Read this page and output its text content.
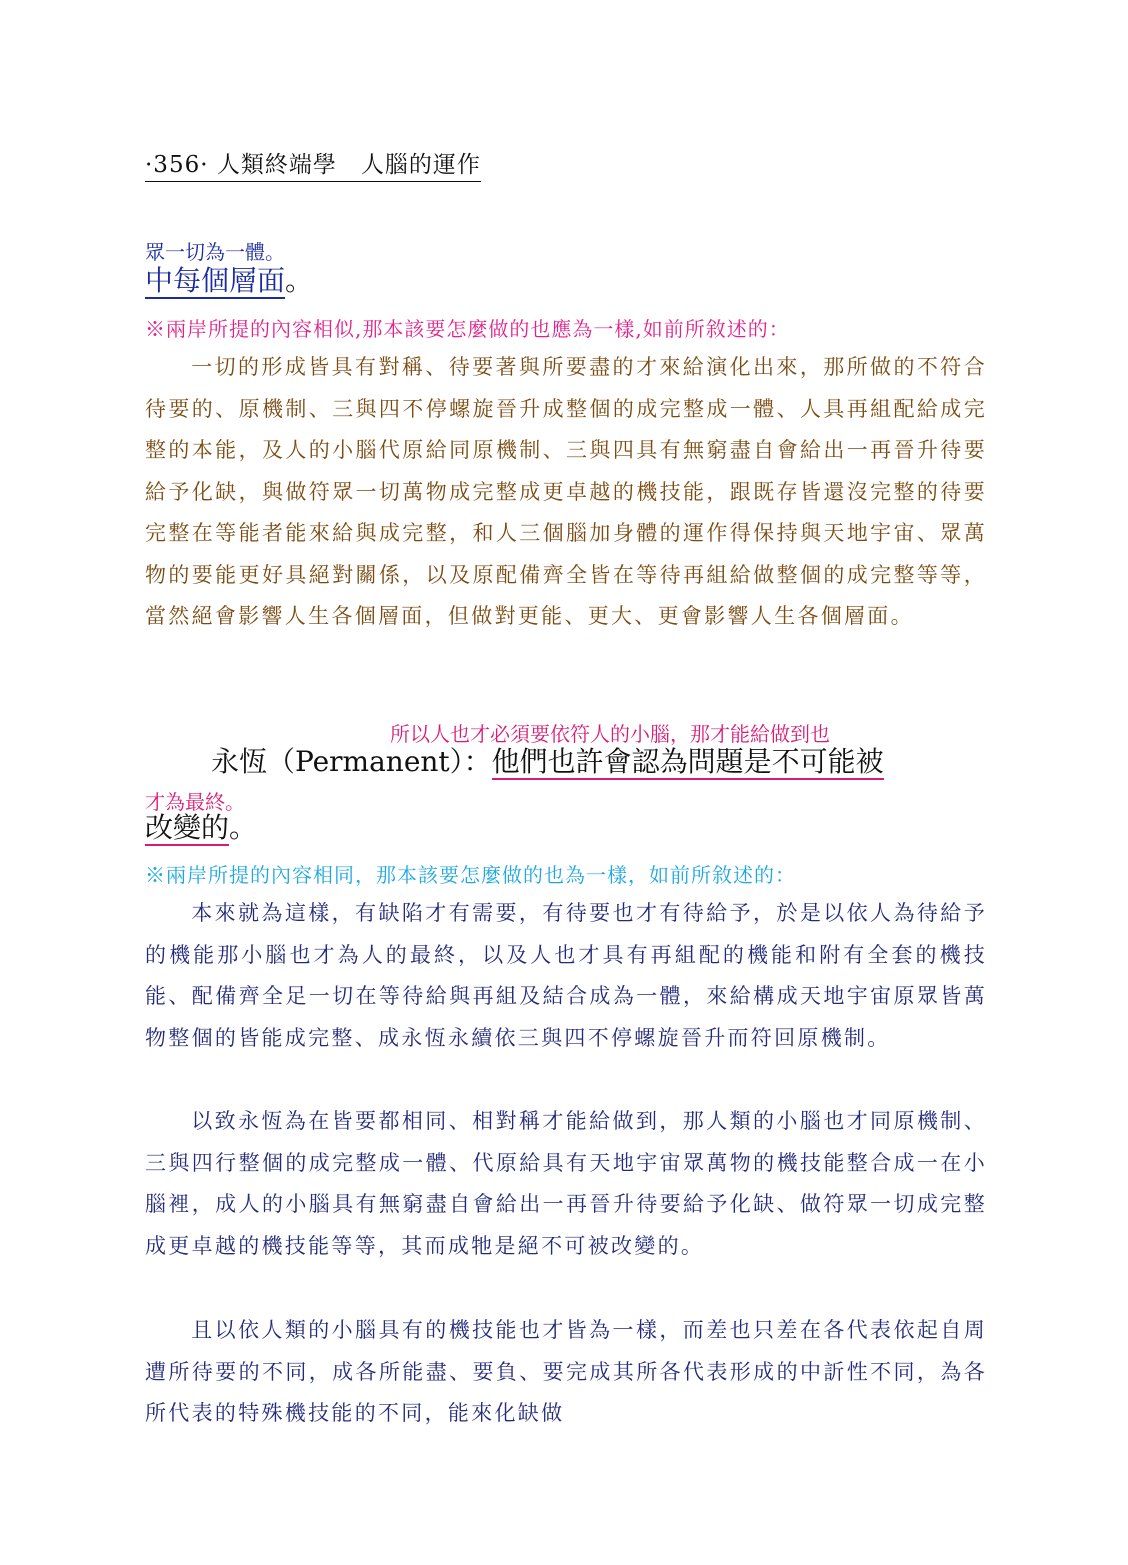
·356· 人類終端學　人腦的運作
眾一切為一體。
中每個層面。
※兩岸所提的內容相似,那本該要怎麼做的也應為一樣,如前所敘述的：

一切的形成皆具有對稱、待要著與所要盡的才來給演化出來，那所做的不符合待要的、原機制、三與四不停螺旋晉升成整個的成完整成一體、人具再組配給成完整的本能，及人的小腦代原給同原機制、三與四具有無窮盡自會給出一再晉升待要給予化缺，與做符眾一切萬物成完整成更卓越的機技能，跟既存皆還沒完整的待要完整在等能者能來給與成完整，和人三個腦加身體的運作得保持與天地宇宙、眾萬物的要能更好具絕對關係，以及原配備齊全皆在等待再組給做整個的成完整等等，當然絕會影響人生各個層面，但做對更能、更大、更會影響人生各個層面。

所以人也才必須要依符人的小腦，那才能給做到也
永恆（Permanent）：他們也許會認為問題是不可能被
才為最終。
改變的。
※兩岸所提的內容相同，那本該要怎麼做的也為一樣，如前所敘述的：

本來就為這樣，有缺陷才有需要，有待要也才有待給予，於是以依人為待給予的機能那小腦也才為人的最終，以及人也才具有再組配的機能和附有全套的機技能、配備齊全足一切在等待給與再組及結合成為一體，來給構成天地宇宙原眾皆萬物整個的皆能成完整、成永恆永續依三與四不停螺旋晉升而符回原機制。

以致永恆為在皆要都相同、相對稱才能給做到，那人類的小腦也才同原機制、三與四行整個的成完整成一體、代原給具有天地宇宙眾萬物的機技能整合成一在小腦裡，成人的小腦具有無窮盡自會給出一再晉升待要給予化缺、做符眾一切成完整成更卓越的機技能等等，其而成牠是絕不可被改變的。

且以依人類的小腦具有的機技能也才皆為一樣，而差也只差在各代表依起自周遭所待要的不同，成各所能盡、要負、要完成其所各代表形成的中訢性不同，為各所代表的特殊機技能的不同，能來化缺做
